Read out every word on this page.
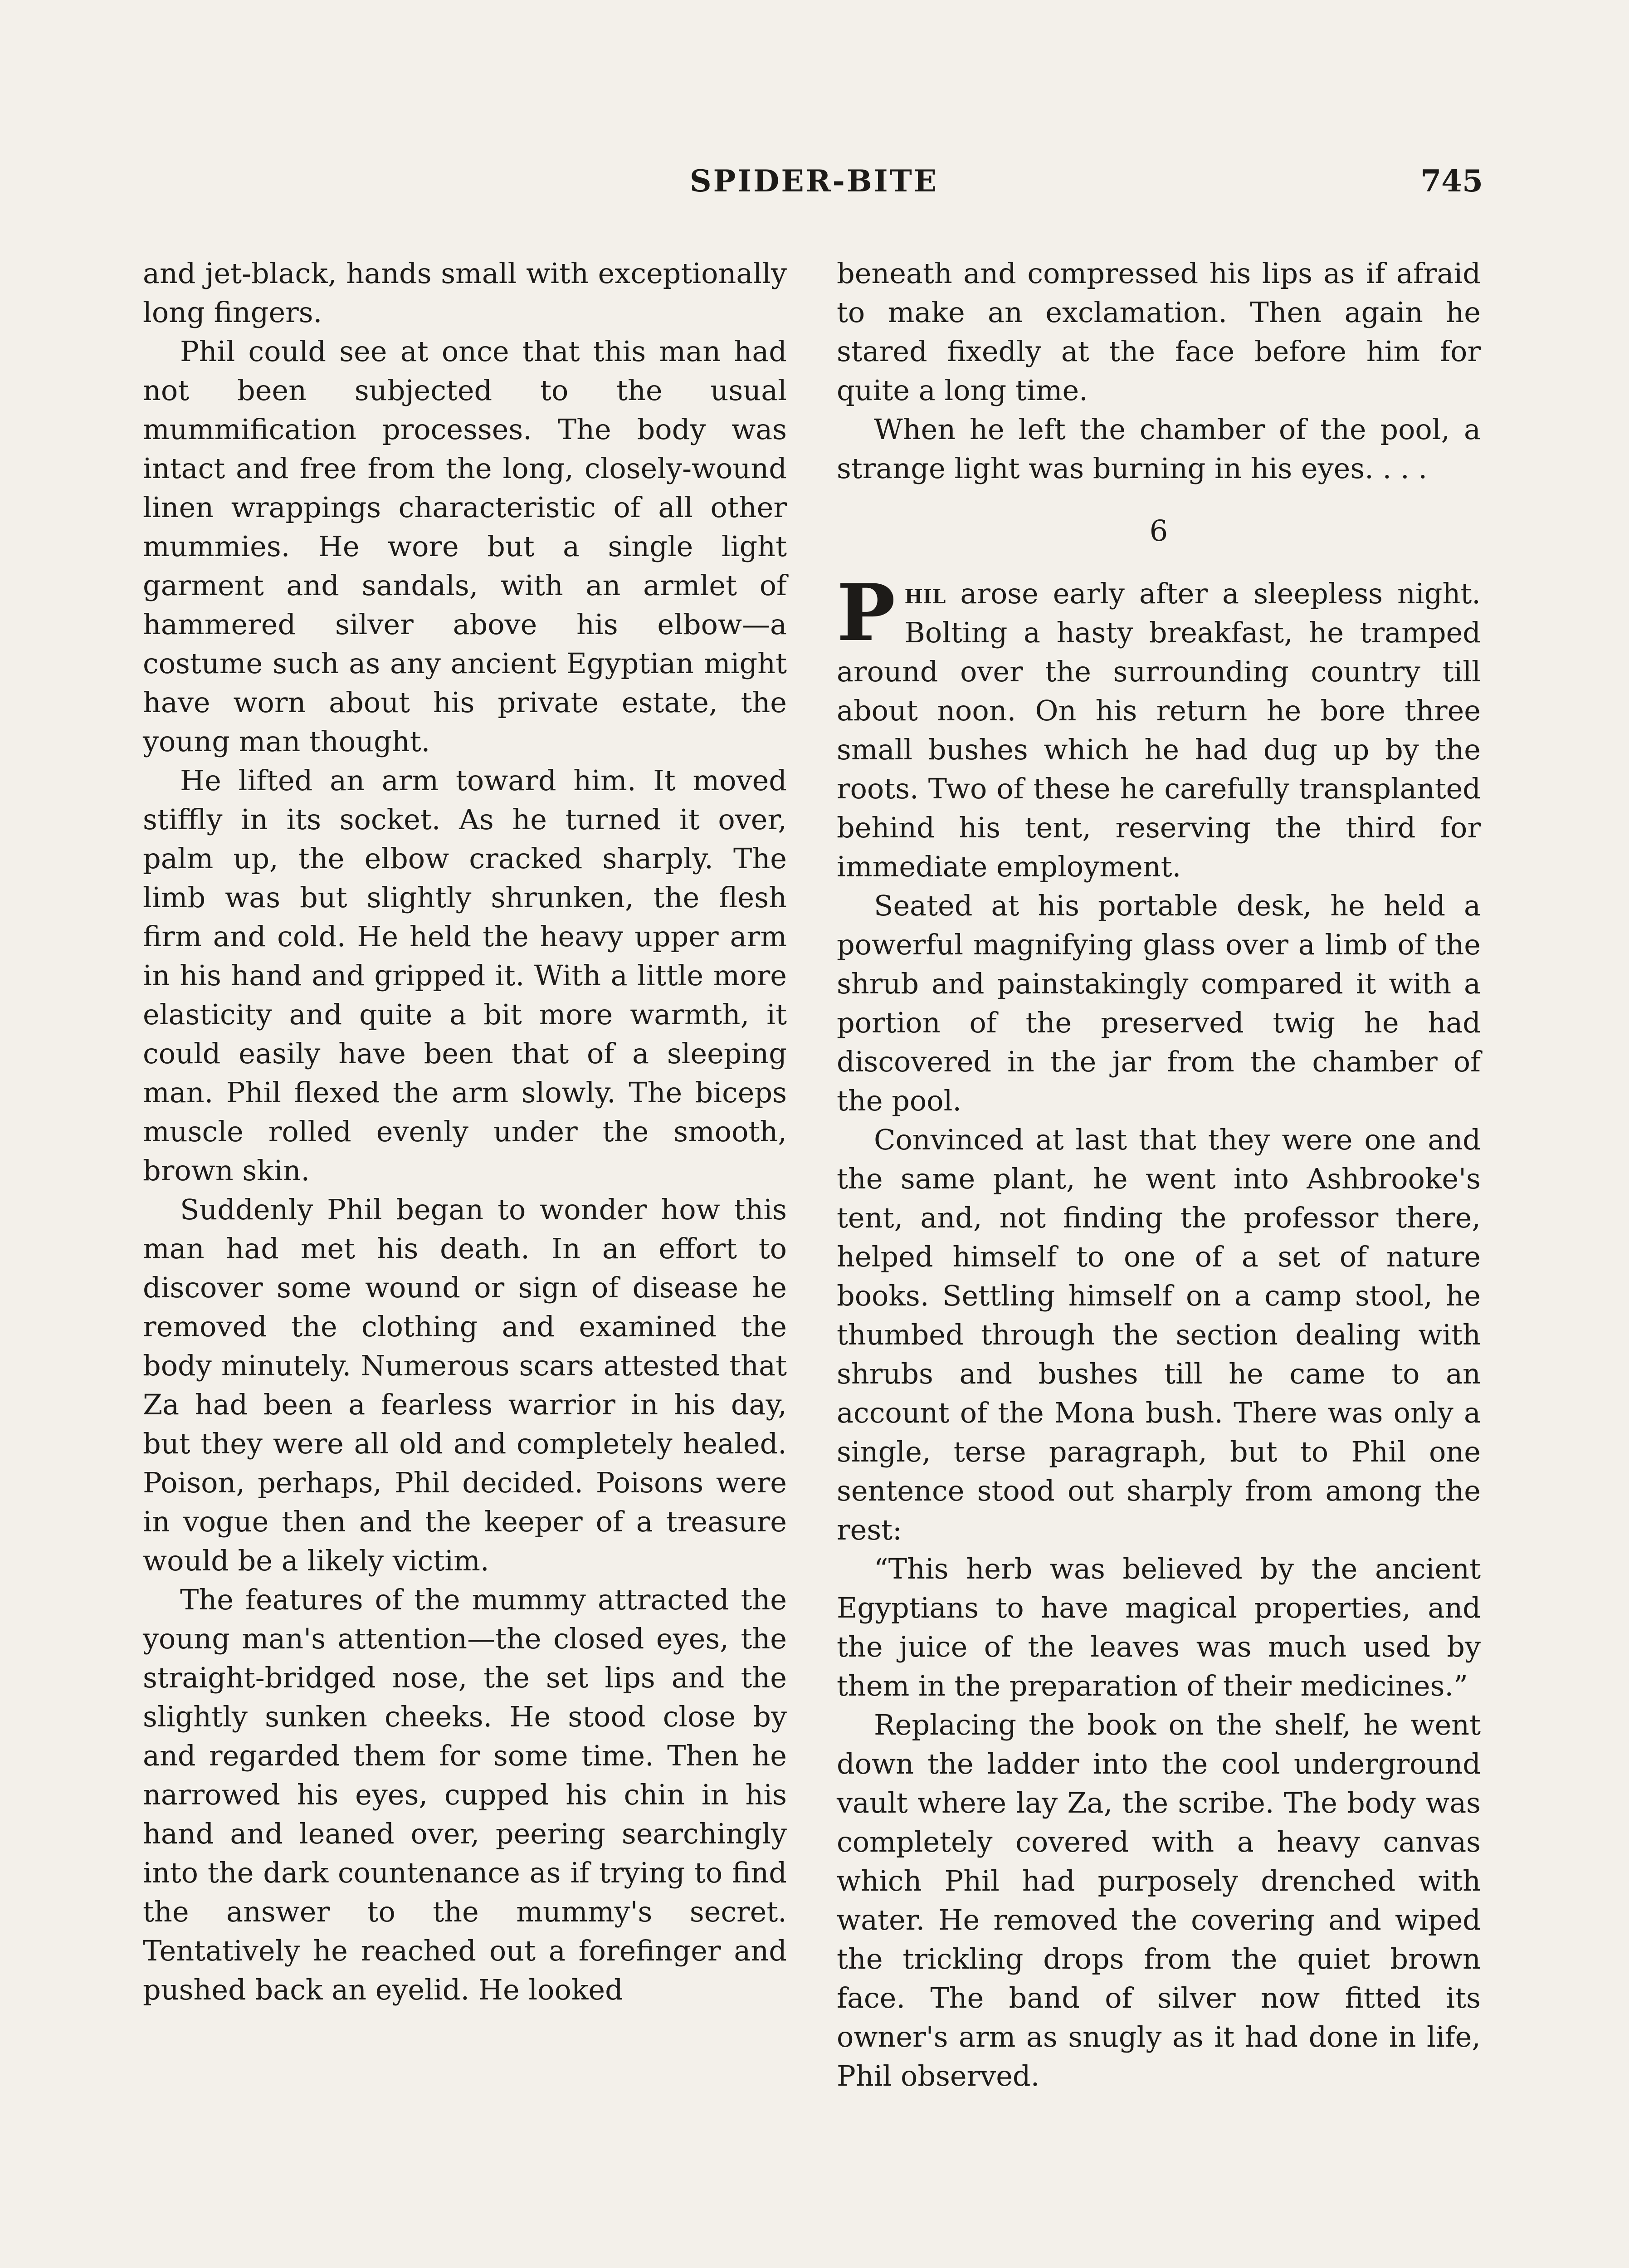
SPIDER-BITE	745

and jet-black, hands small with exceptionally long fingers.

Phil could see at once that this man had not been subjected to the usual mummification processes. The body was intact and free from the long, closely-wound linen wrappings characteristic of all other mummies. He wore but a single light garment and sandals, with an armlet of hammered silver above his elbow—a costume such as any ancient Egyptian might have worn about his private estate, the young man thought.

He lifted an arm toward him. It moved stiffly in its socket. As he turned it over, palm up, the elbow cracked sharply. The limb was but slightly shrunken, the flesh firm and cold. He held the heavy upper arm in his hand and gripped it. With a little more elasticity and quite a bit more warmth, it could easily have been that of a sleeping man. Phil flexed the arm slowly. The biceps muscle rolled evenly under the smooth, brown skin.

Suddenly Phil began to wonder how this man had met his death. In an effort to discover some wound or sign of disease he removed the clothing and examined the body minutely. Numerous scars attested that Za had been a fearless warrior in his day, but they were all old and completely healed. Poison, perhaps, Phil decided. Poisons were in vogue then and the keeper of a treasure would be a likely victim.

The features of the mummy attracted the young man's attention—the closed eyes, the straight-bridged nose, the set lips and the slightly sunken cheeks. He stood close by and regarded them for some time. Then he narrowed his eyes, cupped his chin in his hand and leaned over, peering searchingly into the dark countenance as if trying to find the answer to the mummy's secret. Tentatively he reached out a forefinger and pushed back an eyelid. He looked

beneath and compressed his lips as if afraid to make an exclamation. Then again he stared fixedly at the face before him for quite a long time.

When he left the chamber of the pool, a strange light was burning in his eyes. . . .

6

Phil arose early after a sleepless night. Bolting a hasty breakfast, he tramped around over the surrounding country till about noon. On his return he bore three small bushes which he had dug up by the roots. Two of these he carefully transplanted behind his tent, reserving the third for immediate employment.

Seated at his portable desk, he held a powerful magnifying glass over a limb of the shrub and painstakingly compared it with a portion of the preserved twig he had discovered in the jar from the chamber of the pool.

Convinced at last that they were one and the same plant, he went into Ashbrooke's tent, and, not finding the professor there, helped himself to one of a set of nature books. Settling himself on a camp stool, he thumbed through the section dealing with shrubs and bushes till he came to an account of the Mona bush. There was only a single, terse paragraph, but to Phil one sentence stood out sharply from among the rest:

“This herb was believed by the ancient Egyptians to have magical properties, and the juice of the leaves was much used by them in the preparation of their medicines.”

Replacing the book on the shelf, he went down the ladder into the cool underground vault where lay Za, the scribe. The body was completely covered with a heavy canvas which Phil had purposely drenched with water. He removed the covering and wiped the trickling drops from the quiet brown face. The band of silver now fitted its owner's arm as snugly as it had done in life, Phil observed.
